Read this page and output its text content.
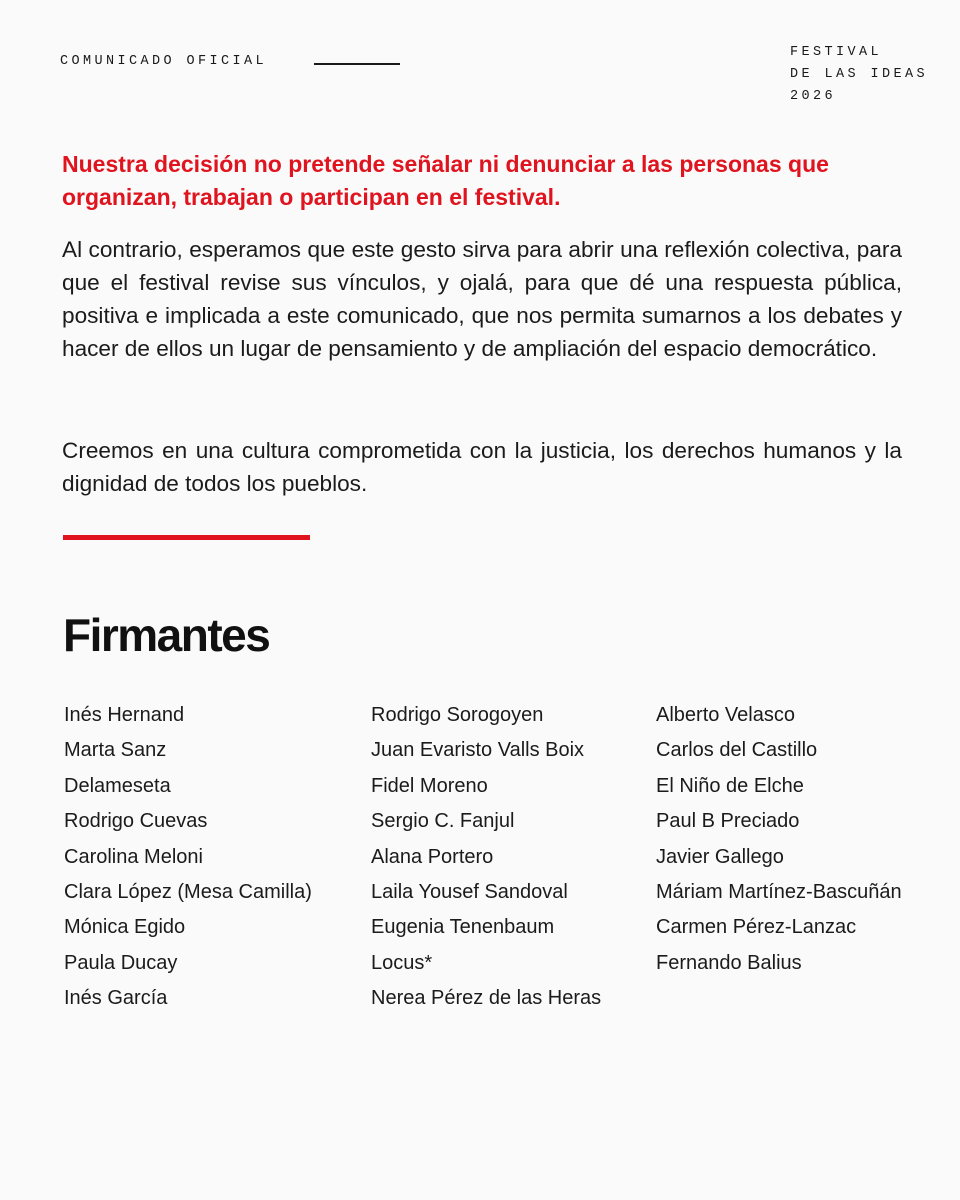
COMUNICADO OFICIAL
FESTIVAL
DE LAS IDEAS
2026

Nuestra decisión no pretende señalar ni denunciar a las personas que organizan, trabajan o participan en el festival.

Al contrario, esperamos que este gesto sirva para abrir una reflexión colectiva, para que el festival revise sus vínculos, y ojalá, para que dé una respuesta pública, positiva e implicada a este comunicado, que nos permita sumarnos a los debates y hacer de ellos un lugar de pensamiento y de ampliación del espacio democrático.

Creemos en una cultura comprometida con la justicia, los derechos humanos y la dignidad de todos los pueblos.

Firmantes
Inés Hernand
Marta Sanz
Delameseta
Rodrigo Cuevas
Carolina Meloni
Clara López (Mesa Camilla)
Mónica Egido
Paula Ducay
Inés García
Rodrigo Sorogoyen
Juan Evaristo Valls Boix
Fidel Moreno
Sergio C. Fanjul
Alana Portero
Laila Yousef Sandoval
Eugenia Tenenbaum
Locus*
Nerea Pérez de las Heras
Alberto Velasco
Carlos del Castillo
El Niño de Elche
Paul B Preciado
Javier Gallego
Máriam Martínez-Bascuñán
Carmen Pérez-Lanzac
Fernando Balius
